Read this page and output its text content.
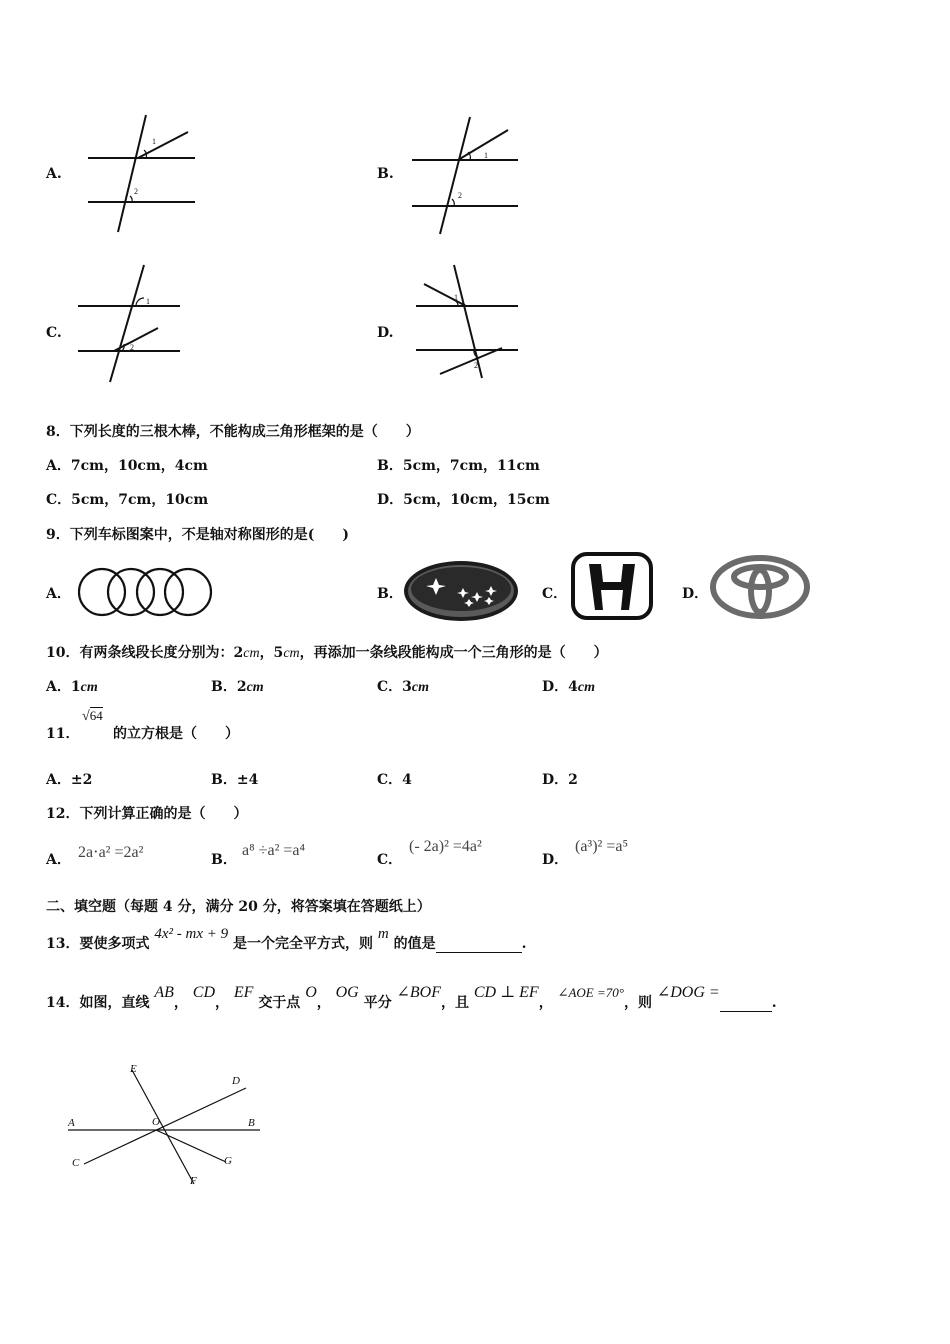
A.
1
2
B.
1
2
C.
1
2
D.
1
2
8．下列长度的三根木棒，不能构成三角形框架的是（　　）
A．7cm，10cm，4cm	B．5cm，7cm，11cm
C．5cm，7cm，10cm	D．5cm，10cm，15cm
9．下列车标图案中，不是轴对称图形的是(　　)
A．	B．	C．	D．
10．有两条线段长度分别为：2cm，5cm，再添加一条线段能构成一个三角形的是（　　）
A．1cm	B．2cm	C．3cm	D．4cm
11．
√64
的立方根是（　　）
A．±2	B．±4	C．4	D．2
12．下列计算正确的是（　　）
A． 2a⋅a² =2a²	B．
a⁸ ÷a² =a⁴
C．
(- 2a)² =4a²
D．
(a³)² =a⁵
二、填空题（每题 4 分，满分 20 分，将答案填在答题纸上）
13．要使多项式 4x² - mx + 9 是一个完全平方式，则 m 的值是	.
14．如图，直线 AB， CD， EF 交于点 O， OG 平分 ∠BOF，且 CD ⊥ EF， ∠AOE =70°，则 ∠DOG = .
E
D
A	O	B
C	G
F
